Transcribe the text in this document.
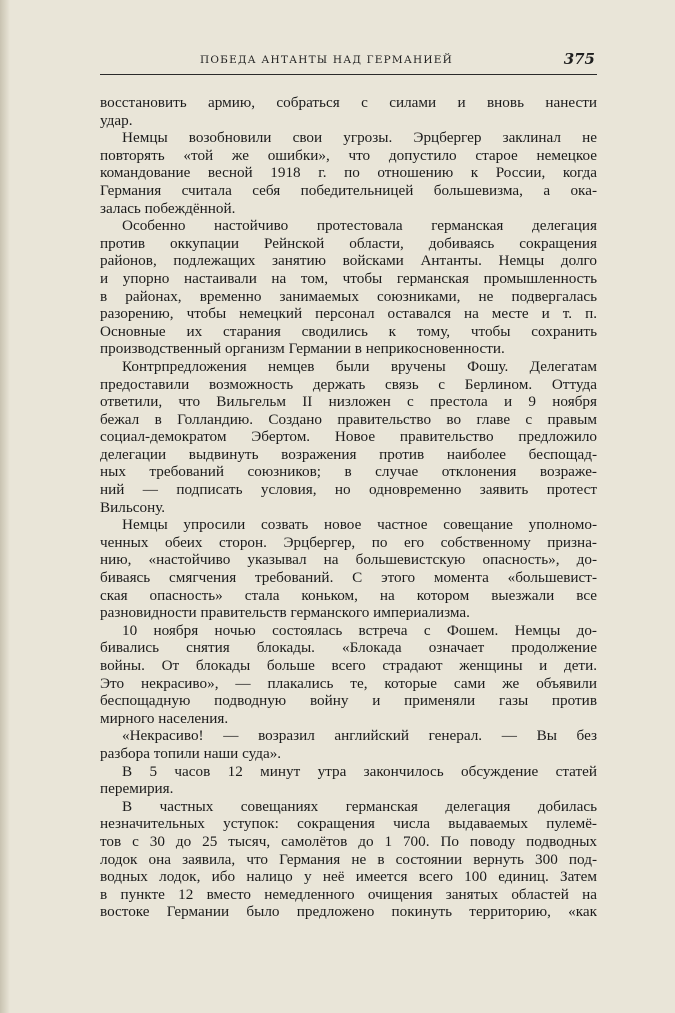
ПОБЕДА АНТАНТЫ НАД ГЕРМАНИЕЙ	375
восстановить армию, собраться с силами и вновь нанести
удар.
Немцы возобновили свои угрозы. Эрцбергер заклинал не
повторять «той же ошибки», что допустило старое немецкое
командование весной 1918 г. по отношению к России, когда
Германия считала себя победительницей большевизма, а ока-
залась побеждённой.
Особенно настойчиво протестовала германская делегация
против оккупации Рейнской области, добиваясь сокращения
районов, подлежащих занятию войсками Антанты. Немцы долго
и упорно настаивали на том, чтобы германская промышленность
в районах, временно занимаемых союзниками, не подвергалась
разорению, чтобы немецкий персонал оставался на месте и т. п.
Основные их старания сводились к тому, чтобы сохранить
производственный организм Германии в неприкосновенности.
Контрпредложения немцев были вручены Фошу. Делегатам
предоставили возможность держать связь с Берлином. Оттуда
ответили, что Вильгельм II низложен с престола и 9 ноября
бежал в Голландию. Создано правительство во главе с правым
социал-демократом Эбертом. Новое правительство предложило
делегации выдвинуть возражения против наиболее беспощад-
ных требований союзников; в случае отклонения возраже-
ний — подписать условия, но одновременно заявить протест
Вильсону.
Немцы упросили созвать новое частное совещание уполномо-
ченных обеих сторон. Эрцбергер, по его собственному призна-
нию, «настойчиво указывал на большевистскую опасность», до-
биваясь смягчения требований. С этого момента «большевист-
ская опасность» стала коньком, на котором выезжали все
разновидности правительств германского империализма.
10 ноября ночью состоялась встреча с Фошем. Немцы до-
бивались снятия блокады. «Блокада означает продолжение
войны. От блокады больше всего страдают женщины и дети.
Это некрасиво», — плакались те, которые сами же объявили
беспощадную подводную войну и применяли газы против
мирного населения.
«Некрасиво! — возразил английский генерал. — Вы без
разбора топили наши суда».
В 5 часов 12 минут утра закончилось обсуждение статей
перемирия.
В частных совещаниях германская делегация добилась
незначительных уступок: сокращения числа выдаваемых пулемё-
тов с 30 до 25 тысяч, самолётов до 1 700. По поводу подводных
лодок она заявила, что Германия не в состоянии вернуть 300 под-
водных лодок, ибо налицо у неё имеется всего 100 единиц. Затем
в пункте 12 вместо немедленного очищения занятых областей на
востоке Германии было предложено покинуть территорию, «как
